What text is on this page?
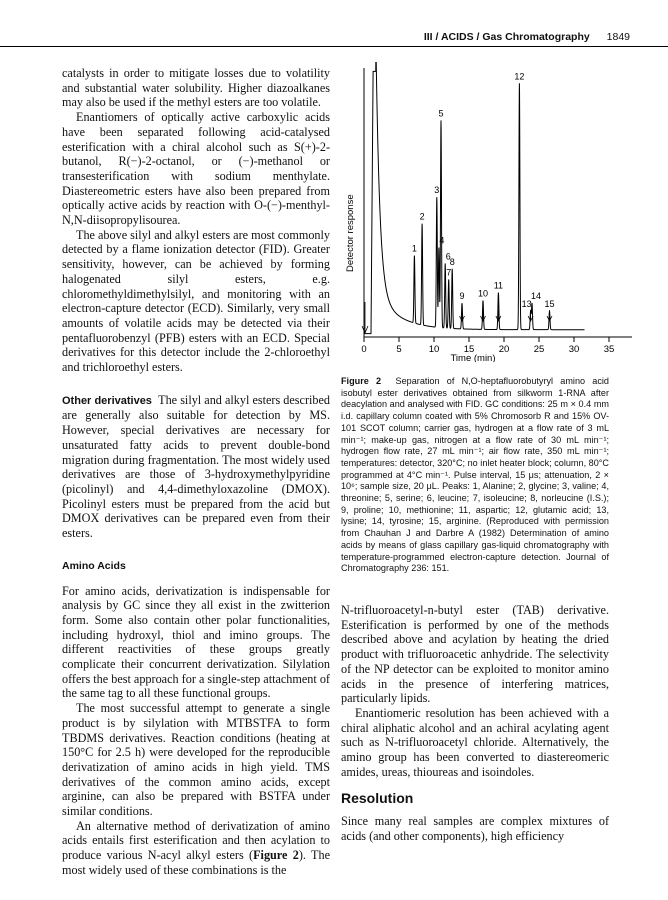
III / ACIDS / Gas Chromatography 1849

catalysts in order to mitigate losses due to volatility and substantial water solubility. Higher diazoalkanes may also be used if the methyl esters are too volatile.

Enantiomers of optically active carboxylic acids have been separated following acid-catalysed esterification with a chiral alcohol such as S(+)-2-butanol, R(−)-2-octanol, or (−)-methanol or transesterification with sodium menthylate. Diastereometric esters have also been prepared from optically active acids by reaction with O-(−)-menthyl-N,N-diisopropylisourea.

The above silyl and alkyl esters are most commonly detected by a flame ionization detector (FID). Greater sensitivity, however, can be achieved by forming halogenated silyl esters, e.g. chloromethyldimethylsilyl, and monitoring with an electron-capture detector (ECD). Similarly, very small amounts of volatile acids may be detected via their pentafluorobenzyl (PFB) esters with an ECD. Special derivatives for this detector include the 2-chloroethyl and trichloroethyl esters.

Other derivatives The silyl and alkyl esters described are generally also suitable for detection by MS. However, special derivatives are necessary for unsaturated fatty acids to prevent double-bond migration during fragmentation. The most widely used derivatives are those of 3-hydroxymethylpyridine (picolinyl) and 4,4-dimethyloxazoline (DMOX). Picolinyl esters must be prepared from the acid but DMOX derivatives can be prepared even from their esters.

Amino Acids

For amino acids, derivatization is indispensable for analysis by GC since they all exist in the zwitterion form. Some also contain other polar functionalities, including hydroxyl, thiol and imino groups. The different reactivities of these groups greatly complicate their concurrent derivatization. Silylation offers the best approach for a single-step attachment of the same tag to all these functional groups.

The most successful attempt to generate a single product is by silylation with MTBSTFA to form TBDMS derivatives. Reaction conditions (heating at 150°C for 2.5 h) were developed for the reproducible derivatization of amino acids in high yield. TMS derivatives of the common amino acids, except arginine, can also be prepared with BSTFA under similar conditions.

An alternative method of derivatization of amino acids entails first esterification and then acylation to produce various N-acyl alkyl esters (Figure 2). The most widely used of these combinations is the

Detector response
Time (min)
0	5	10	15	20	25	30	35
1
2
3
4
5
6
7
8
9 10
11
12
13
14
15
Figure 2 Separation of N,O-heptafluorobutyryl amino acid isobutyl ester derivatives obtained from silkworm 1-RNA after deacylation and analysed with FID. GC conditions: 25 m × 0.4 mm i.d. capillary column coated with 5% Chromosorb R and 15% OV-101 SCOT column; carrier gas, hydrogen at a flow rate of 3 mL min⁻¹; make-up gas, nitrogen at a flow rate of 30 mL min⁻¹; hydrogen flow rate, 27 mL min⁻¹; air flow rate, 350 mL min⁻¹; temperatures: detector, 320°C; no inlet heater block; column, 80°C programmed at 4°C min⁻¹. Pulse interval, 15 μs; attenuation, 2 × 10⁶; sample size, 20 μL. Peaks: 1, Alanine; 2, glycine; 3, valine; 4, threonine; 5, serine; 6, leucine; 7, isoleucine; 8, norleucine (I.S.); 9, proline; 10, methionine; 11, aspartic; 12, glutamic acid; 13, lysine; 14, tyrosine; 15, arginine. (Reproduced with permission from Chauhan J and Darbre A (1982) Determination of amino acids by means of glass capillary gas-liquid chromatography with temperature-programmed electron-capture detection. Journal of Chromatography 236: 151.

N-trifluoroacetyl-n-butyl ester (TAB) derivative. Esterification is performed by one of the methods described above and acylation by heating the dried product with trifluoroacetic anhydride. The selectivity of the NP detector can be exploited to monitor amino acids in the presence of interfering matrices, particularly lipids.

Enantiomeric resolution has been achieved with a chiral aliphatic alcohol and an achiral acylating agent such as N-trifluoroacetyl chloride. Alternatively, the amino group has been converted to diastereomeric amides, ureas, thioureas and isoindoles.

Resolution

Since many real samples are complex mixtures of acids (and other components), high efficiency
